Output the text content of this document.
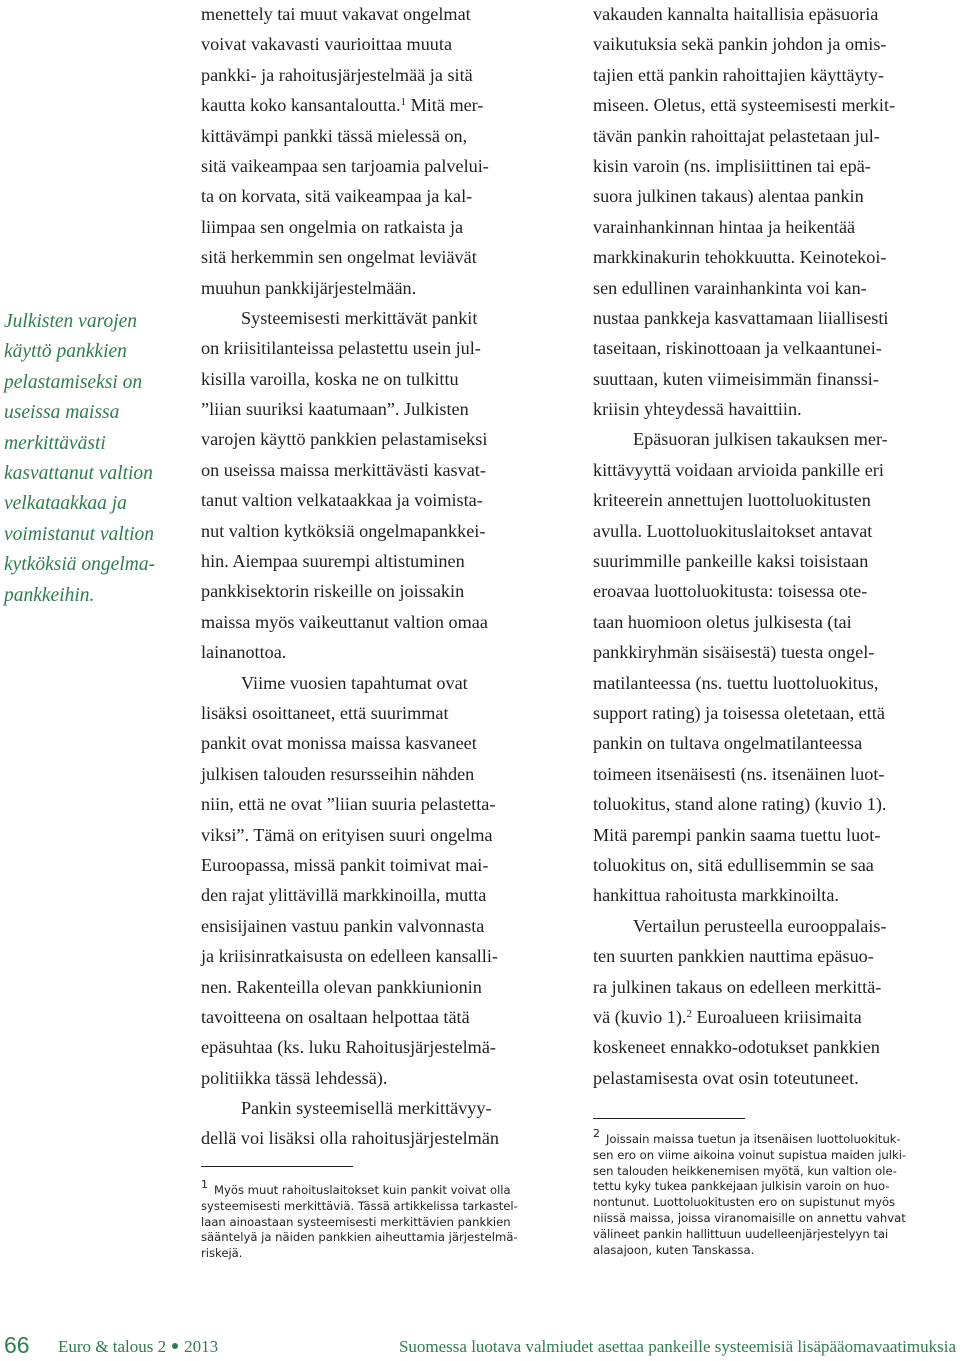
Julkisten varojen käyttö pankkien pelastamiseksi on useissa maissa merkittävästi kasvattanut valtion velkataakkaa ja voimistanut valtion kytköksiä ongelma-pankkeihin.

menettely tai muut vakavat ongelmat
voivat vakavasti vaurioittaa muuta
pankki- ja rahoitusjärjestelmää ja sitä
kautta koko kansantaloutta.$^1$ Mitä mer-
kittävämpi pankki tässä mielessä on,
sitä vaikeampaa sen tarjoamia palvelui-
ta on korvata, sitä vaikeampaa ja kal-
liimpaa sen ongelmia on ratkaista ja
sitä herkemmin sen ongelmat leviävät
muuhun pankkijärjestelmään.
Systeemisesti merkittävät pankit
on kriisitilanteissa pelastettu usein jul-
kisilla varoilla, koska ne on tulkittu
”liian suuriksi kaatumaan”. Julkisten
varojen käyttö pankkien pelastamiseksi
on useissa maissa merkittävästi kasvat-
tanut valtion velkataakkaa ja voimista-
nut valtion kytköksiä ongelmapankkei-
hin. Aiempaa suurempi altistuminen
pankkisektorin riskeille on joissakin
maissa myös vaikeuttanut valtion omaa
lainanottoa.
Viime vuosien tapahtumat ovat
lisäksi osoittaneet, että suurimmat
pankit ovat monissa maissa kasvaneet
julkisen talouden resursseihin nähden
niin, että ne ovat ”liian suuria pelastetta-
viksi”. Tämä on erityisen suuri ongelma
Euroopassa, missä pankit toimivat mai-
den rajat ylittävillä markkinoilla, mutta
ensisijainen vastuu pankin valvonnasta
ja kriisinratkaisusta on edelleen kansalli-
nen. Rakenteilla olevan pankkiunionin
tavoitteena on osaltaan helpottaa tätä
epäsuhtaa (ks. luku Rahoitusjärjestelmä-
politiikka tässä lehdessä).
Pankin systeemisellä merkittävyy-
dellä voi lisäksi olla rahoitusjärjestelmän
$^1$ Myös muut rahoituslaitokset kuin pankit voivat olla
systeemisesti merkittäviä. Tässä artikkelissa tarkastel-
laan ainoastaan systeemisesti merkittävien pankkien
sääntelyä ja näiden pankkien aiheuttamia järjestelmä-
riskejä.
vakauden kannalta haitallisia epäsuoria
vaikutuksia sekä pankin johdon ja omis-
tajien että pankin rahoittajien käyttäyty-
miseen. Oletus, että systeemisesti merkit-
tävän pankin rahoittajat pelastetaan jul-
kisin varoin (ns. implisiittinen tai epä-
suora julkinen takaus) alentaa pankin
varainhankinnan hintaa ja heikentää
markkinakurin tehokkuutta. Keinotekoi-
sen edullinen varainhankinta voi kan-
nustaa pankkeja kasvattamaan liiallisesti
taseitaan, riskinottoaan ja velkaantunei-
suuttaan, kuten viimeisimmän finanssi-
kriisin yhteydessä havaittiin.
Epäsuoran julkisen takauksen mer-
kittävyyttä voidaan arvioida pankille eri
kriteerein annettujen luottoluokitusten
avulla. Luottoluokituslaitokset antavat
suurimmille pankeille kaksi toisistaan
eroavaa luottoluokitusta: toisessa ote-
taan huomioon oletus julkisesta (tai
pankkiryhmän sisäisestä) tuesta ongel-
matilanteessa (ns. tuettu luottoluokitus,
support rating) ja toisessa oletetaan, että
pankin on tultava ongelmatilanteessa
toimeen itsenäisesti (ns. itsenäinen luot-
toluokitus, stand alone rating) (kuvio 1).
Mitä parempi pankin saama tuettu luot-
toluokitus on, sitä edullisemmin se saa
hankittua rahoitusta markkinoilta.
Vertailun perusteella eurooppalais-
ten suurten pankkien nauttima epäsuo-
ra julkinen takaus on edelleen merkittä-
vä (kuvio 1).$^2$ Euroalueen kriisimaita
koskeneet ennakko-odotukset pankkien
pelastamisesta ovat osin toteutuneet.
$^2$ Joissain maissa tuetun ja itsenäisen luottoluokituk-
sen ero on viime aikoina voinut supistua maiden julki-
sen talouden heikkenemisen myötä, kun valtion ole-
tettu kyky tukea pankkejaan julkisin varoin on huo-
nontunut. Luottoluokitusten ero on supistunut myös
niissä maissa, joissa viranomaisille on annettu vahvat
välineet pankin hallittuun uudelleenjärjestelyyn tai
alasajoon, kuten Tanskassa.
66 Euro & talous 2 2013	Suomessa luotava valmiudet asettaa pankeille systeemisiä lisäpääomavaatimuksia
